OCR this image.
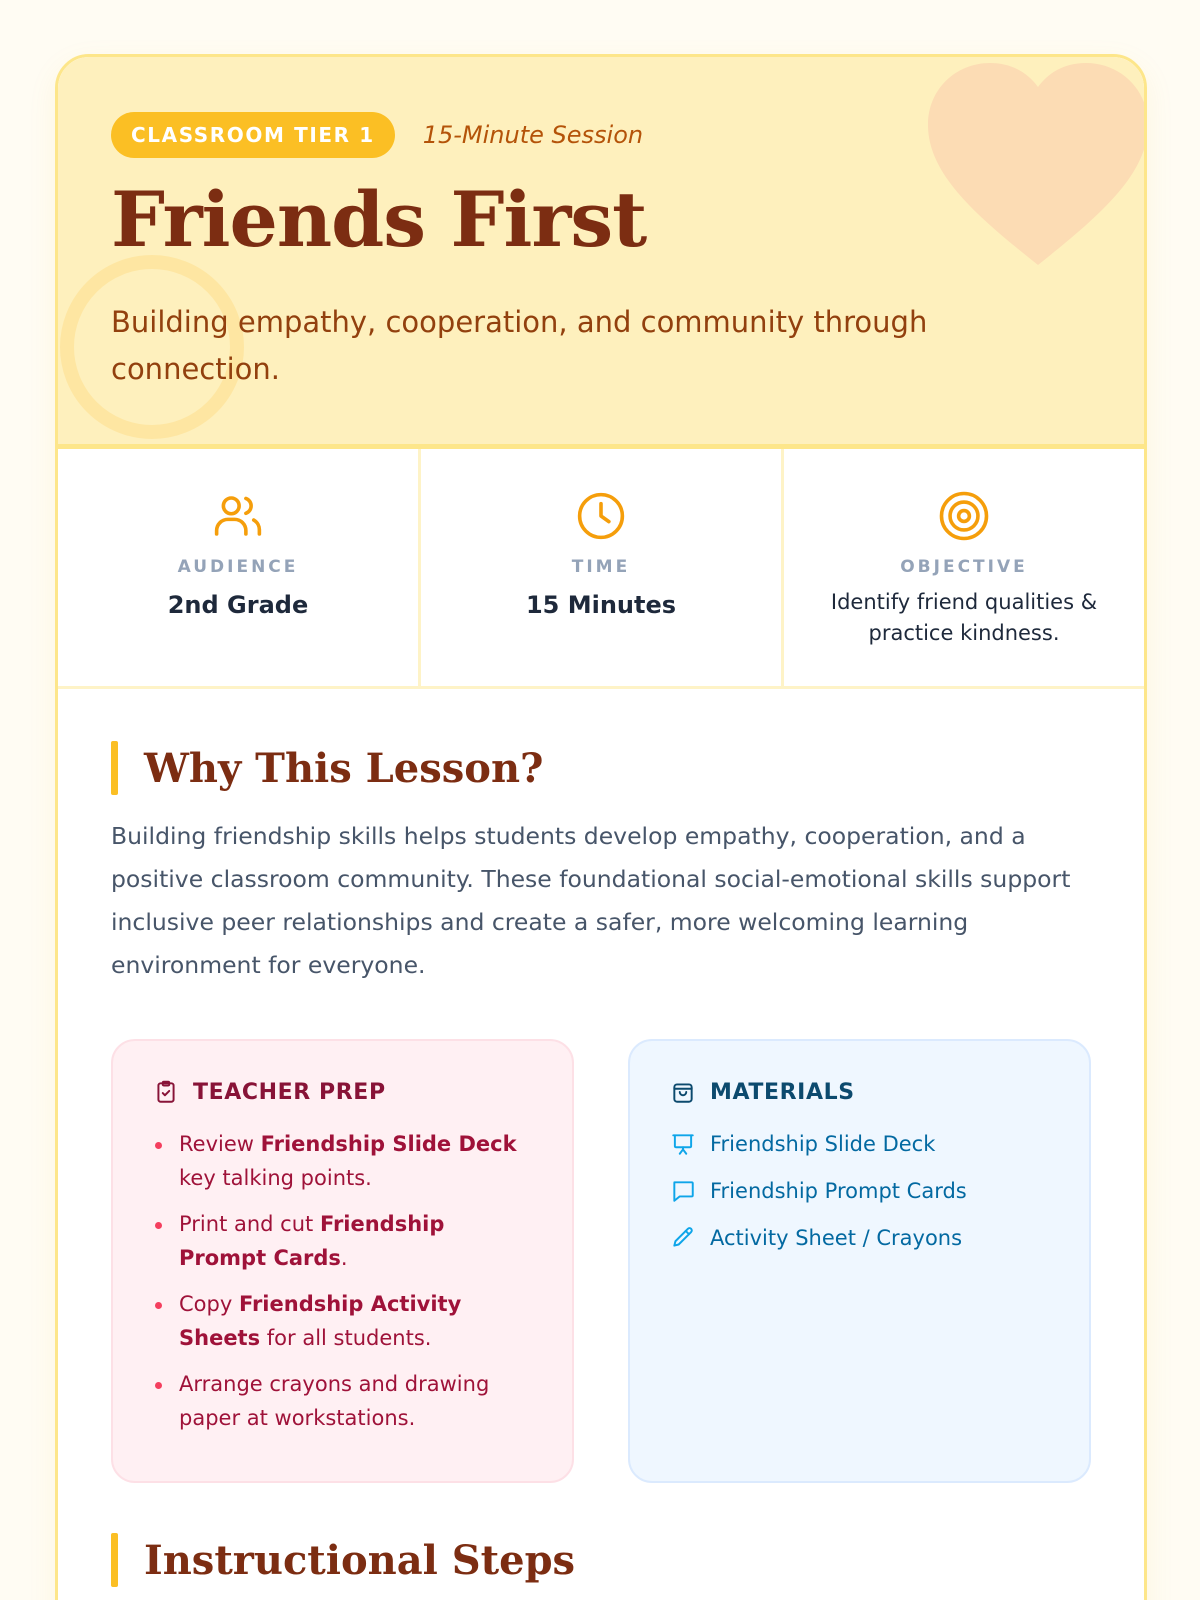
CLASSROOM TIER 1	15-Minute Session
Friends First

Building empathy, cooperation, and community through connection.

AUDIENCE
2nd Grade
TIME
15 Minutes
OBJECTIVE
Identify friend qualities & practice kindness.
Why This Lesson?

Building friendship skills helps students develop empathy, cooperation, and a positive classroom community. These foundational social-emotional skills support inclusive peer relationships and create a safer, more welcoming learning environment for everyone.

TEACHER PREP
Review Friendship Slide Deck key talking points.
Print and cut Friendship Prompt Cards.
Copy Friendship Activity Sheets for all students.
Arrange crayons and drawing paper at workstations.
MATERIALS
Friendship Slide Deck
Friendship Prompt Cards
Activity Sheet / Crayons
Instructional Steps
